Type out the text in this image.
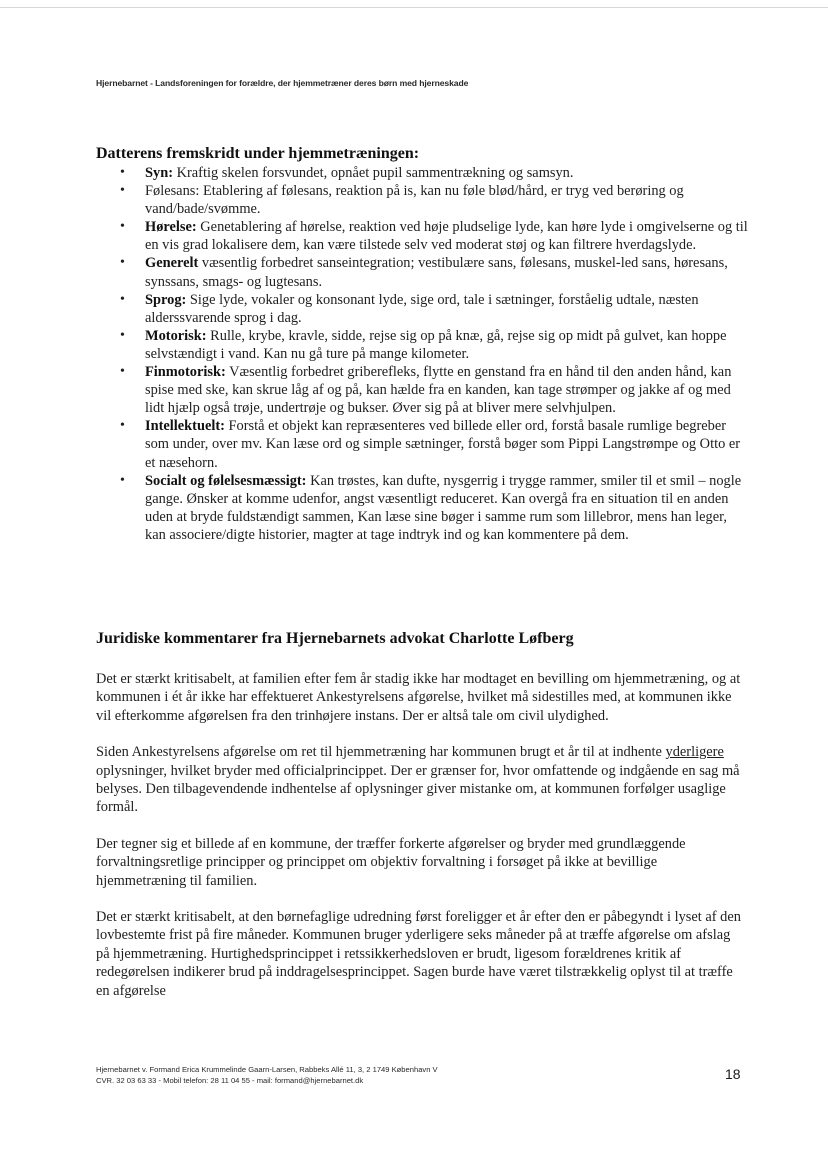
Hjernebarnet - Landsforeningen for forældre, der hjemmetræner deres børn med hjerneskade
Datterens fremskridt under hjemmetræningen:
• Syn: Kraftig skelen forsvundet, opnået pupil sammentrækning og samsyn.
• Følesans: Etablering af følesans, reaktion på is, kan nu føle blød/hård, er tryg ved berøring og vand/bade/svømme.
• Hørelse: Genetablering af hørelse, reaktion ved høje pludselige lyde, kan høre lyde i omgivelserne og til en vis grad lokalisere dem, kan være tilstede selv ved moderat støj og kan filtrere hverdagslyde.
• Generelt væsentlig forbedret sanseintegration; vestibulære sans, følesans, muskel-led sans, høresans, synssans, smags- og lugtesans.
• Sprog: Sige lyde, vokaler og konsonant lyde, sige ord, tale i sætninger, forståelig udtale, næsten alderssvarende sprog i dag.
• Motorisk: Rulle, krybe, kravle, sidde, rejse sig op på knæ, gå, rejse sig op midt på gulvet, kan hoppe selvstændigt i vand. Kan nu gå ture på mange kilometer.
• Finmotorisk: Væsentlig forbedret griberefleks, flytte en genstand fra en hånd til den anden hånd, kan spise med ske, kan skrue låg af og på, kan hælde fra en kanden, kan tage strømper og jakke af og med lidt hjælp også trøje, undertrøje og bukser. Øver sig på at bliver mere selvhjulpen.
• Intellektuelt: Forstå et objekt kan repræsenteres ved billede eller ord, forstå basale rumlige begreber som under, over mv. Kan læse ord og simple sætninger, forstå bøger som Pippi Langstrømpe og Otto er et næsehorn.
• Socialt og følelsesmæssigt: Kan trøstes, kan dufte, nysgerrig i trygge rammer, smiler til et smil – nogle gange. Ønsker at komme udenfor, angst væsentligt reduceret. Kan overgå fra en situation til en anden uden at bryde fuldstændigt sammen, Kan læse sine bøger i samme rum som lillebror, mens han leger, kan associere/digte historier, magter at tage indtryk ind og kan kommentere på dem.
Juridiske kommentarer fra Hjernebarnets advokat Charlotte Løfberg

Det er stærkt kritisabelt, at familien efter fem år stadig ikke har modtaget en bevilling om hjemmetræning, og at kommunen i ét år ikke har effektueret Ankestyrelsens afgørelse, hvilket må sidestilles med, at kommunen ikke vil efterkomme afgørelsen fra den trinhøjere instans. Der er altså tale om civil ulydighed.

Siden Ankestyrelsens afgørelse om ret til hjemmetræning har kommunen brugt et år til at indhente yderligere oplysninger, hvilket bryder med officialprincippet. Der er grænser for, hvor omfattende og indgående en sag må belyses. Den tilbagevendende indhentelse af oplysninger giver mistanke om, at kommunen forfølger usaglige formål.

Der tegner sig et billede af en kommune, der træffer forkerte afgørelser og bryder med grundlæggende forvaltningsretlige principper og princippet om objektiv forvaltning i forsøget på ikke at bevillige hjemmetræning til familien.

Det er stærkt kritisabelt, at den børnefaglige udredning først foreligger et år efter den er påbegyndt i lyset af den lovbestemte frist på fire måneder. Kommunen bruger yderligere seks måneder på at træffe afgørelse om afslag på hjemmetræning. Hurtighedsprincippet i retssikkerhedsloven er brudt, ligesom forældrenes kritik af redegørelsen indikerer brud på inddragelsesprincippet. Sagen burde have været tilstrækkelig oplyst til at træffe en afgørelse

Hjernebarnet v. Formand Erica Krummelinde Gaarn-Larsen, Rabbeks Allé 11, 3, 2 1749 København V
CVR. 32 03 63 33 - Mobil telefon: 28 11 04 55 - mail: formand@hjernebarnet.dk	18
